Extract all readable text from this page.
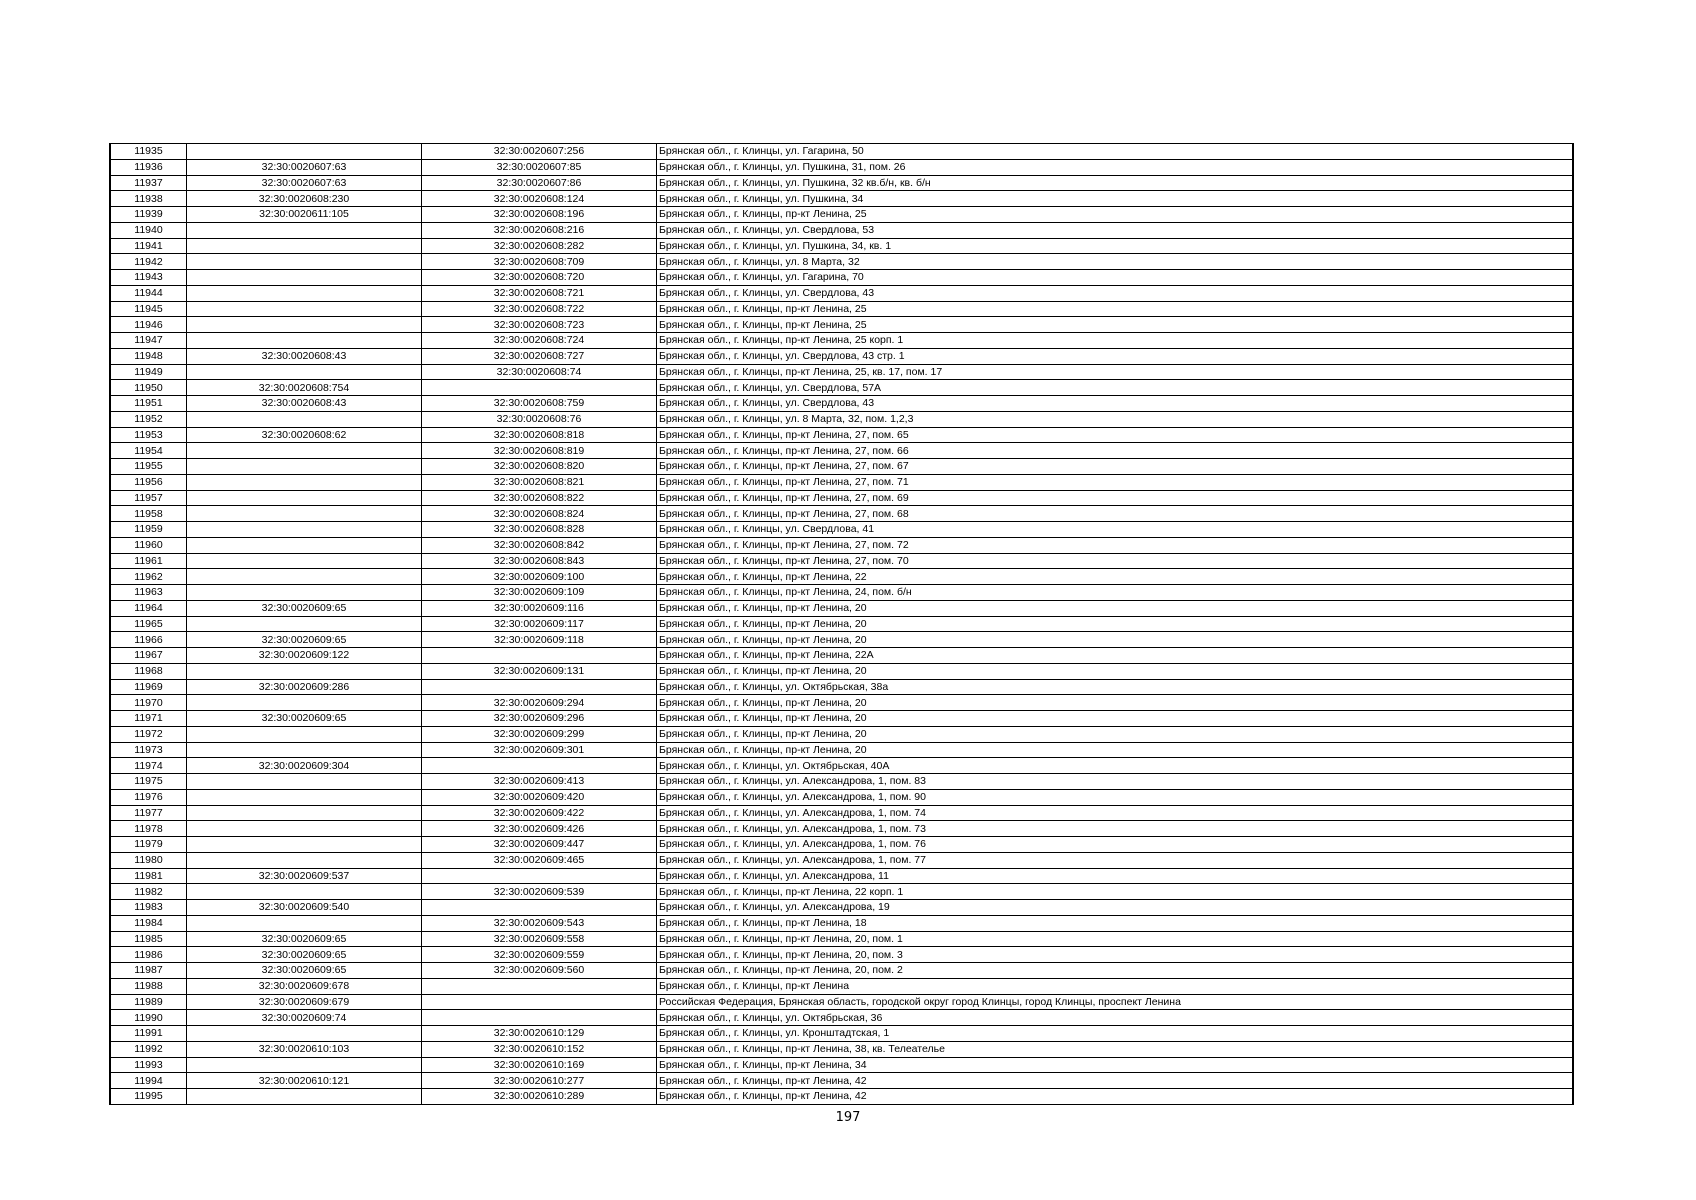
11935		32:30:0020607:256	Брянская обл., г. Клинцы, ул. Гагарина, 50
11936	32:30:0020607:63	32:30:0020607:85	Брянская обл., г. Клинцы, ул. Пушкина, 31, пом. 26
11937	32:30:0020607:63	32:30:0020607:86	Брянская обл., г. Клинцы, ул. Пушкина, 32 кв.б/н, кв. б/н
11938	32:30:0020608:230	32:30:0020608:124	Брянская обл., г. Клинцы, ул. Пушкина, 34
11939	32:30:0020611:105	32:30:0020608:196	Брянская обл., г. Клинцы, пр-кт Ленина, 25
11940		32:30:0020608:216	Брянская обл., г. Клинцы, ул. Свердлова, 53
11941		32:30:0020608:282	Брянская обл., г. Клинцы, ул. Пушкина, 34, кв. 1
11942		32:30:0020608:709	Брянская обл., г. Клинцы, ул. 8 Марта, 32
11943		32:30:0020608:720	Брянская обл., г. Клинцы, ул. Гагарина, 70
11944		32:30:0020608:721	Брянская обл., г. Клинцы, ул. Свердлова, 43
11945		32:30:0020608:722	Брянская обл., г. Клинцы, пр-кт Ленина, 25
11946		32:30:0020608:723	Брянская обл., г. Клинцы, пр-кт Ленина, 25
11947		32:30:0020608:724	Брянская обл., г. Клинцы, пр-кт Ленина, 25 корп. 1
11948	32:30:0020608:43	32:30:0020608:727	Брянская обл., г. Клинцы, ул. Свердлова, 43 стр. 1
11949		32:30:0020608:74	Брянская обл., г. Клинцы, пр-кт Ленина, 25, кв. 17, пом. 17
11950	32:30:0020608:754		Брянская обл., г. Клинцы, ул. Свердлова, 57А
11951	32:30:0020608:43	32:30:0020608:759	Брянская обл., г. Клинцы, ул. Свердлова, 43
11952		32:30:0020608:76	Брянская обл., г. Клинцы, ул. 8 Марта, 32, пом. 1,2,3
11953	32:30:0020608:62	32:30:0020608:818	Брянская обл., г. Клинцы, пр-кт Ленина, 27, пом. 65
11954		32:30:0020608:819	Брянская обл., г. Клинцы, пр-кт Ленина, 27, пом. 66
11955		32:30:0020608:820	Брянская обл., г. Клинцы, пр-кт Ленина, 27, пом. 67
11956		32:30:0020608:821	Брянская обл., г. Клинцы, пр-кт Ленина, 27, пом. 71
11957		32:30:0020608:822	Брянская обл., г. Клинцы, пр-кт Ленина, 27, пом. 69
11958		32:30:0020608:824	Брянская обл., г. Клинцы, пр-кт Ленина, 27, пом. 68
11959		32:30:0020608:828	Брянская обл., г. Клинцы, ул. Свердлова, 41
11960		32:30:0020608:842	Брянская обл., г. Клинцы, пр-кт Ленина, 27, пом. 72
11961		32:30:0020608:843	Брянская обл., г. Клинцы, пр-кт Ленина, 27, пом. 70
11962		32:30:0020609:100	Брянская обл., г. Клинцы, пр-кт Ленина, 22
11963		32:30:0020609:109	Брянская обл., г. Клинцы, пр-кт Ленина, 24, пом. б/н
11964	32:30:0020609:65	32:30:0020609:116	Брянская обл., г. Клинцы, пр-кт Ленина, 20
11965		32:30:0020609:117	Брянская обл., г. Клинцы, пр-кт Ленина, 20
11966	32:30:0020609:65	32:30:0020609:118	Брянская обл., г. Клинцы, пр-кт Ленина, 20
11967	32:30:0020609:122		Брянская обл., г. Клинцы, пр-кт Ленина, 22А
11968		32:30:0020609:131	Брянская обл., г. Клинцы, пр-кт Ленина, 20
11969	32:30:0020609:286		Брянская обл., г. Клинцы, ул. Октябрьская, 38а
11970		32:30:0020609:294	Брянская обл., г. Клинцы, пр-кт Ленина, 20
11971	32:30:0020609:65	32:30:0020609:296	Брянская обл., г. Клинцы, пр-кт Ленина, 20
11972		32:30:0020609:299	Брянская обл., г. Клинцы, пр-кт Ленина, 20
11973		32:30:0020609:301	Брянская обл., г. Клинцы, пр-кт Ленина, 20
11974	32:30:0020609:304		Брянская обл., г. Клинцы, ул. Октябрьская, 40А
11975		32:30:0020609:413	Брянская обл., г. Клинцы, ул. Александрова, 1, пом. 83
11976		32:30:0020609:420	Брянская обл., г. Клинцы, ул. Александрова, 1, пом. 90
11977		32:30:0020609:422	Брянская обл., г. Клинцы, ул. Александрова, 1, пом. 74
11978		32:30:0020609:426	Брянская обл., г. Клинцы, ул. Александрова, 1, пом. 73
11979		32:30:0020609:447	Брянская обл., г. Клинцы, ул. Александрова, 1, пом. 76
11980		32:30:0020609:465	Брянская обл., г. Клинцы, ул. Александрова, 1, пом. 77
11981	32:30:0020609:537		Брянская обл., г. Клинцы, ул. Александрова, 11
11982		32:30:0020609:539	Брянская обл., г. Клинцы, пр-кт Ленина, 22 корп. 1
11983	32:30:0020609:540		Брянская обл., г. Клинцы, ул. Александрова, 19
11984		32:30:0020609:543	Брянская обл., г. Клинцы, пр-кт Ленина, 18
11985	32:30:0020609:65	32:30:0020609:558	Брянская обл., г. Клинцы, пр-кт Ленина, 20, пом. 1
11986	32:30:0020609:65	32:30:0020609:559	Брянская обл., г. Клинцы, пр-кт Ленина, 20, пом. 3
11987	32:30:0020609:65	32:30:0020609:560	Брянская обл., г. Клинцы, пр-кт Ленина, 20, пом. 2
11988	32:30:0020609:678		Брянская обл., г. Клинцы, пр-кт Ленина
11989	32:30:0020609:679		Российская Федерация, Брянская область, городской округ город Клинцы, город Клинцы, проспект Ленина
11990	32:30:0020609:74		Брянская обл., г. Клинцы, ул. Октябрьская, 36
11991		32:30:0020610:129	Брянская обл., г. Клинцы, ул. Кронштадтская, 1
11992	32:30:0020610:103	32:30:0020610:152	Брянская обл., г. Клинцы, пр-кт Ленина, 38, кв. Телеателье
11993		32:30:0020610:169	Брянская обл., г. Клинцы, пр-кт Ленина, 34
11994	32:30:0020610:121	32:30:0020610:277	Брянская обл., г. Клинцы, пр-кт Ленина, 42
11995		32:30:0020610:289	Брянская обл., г. Клинцы, пр-кт Ленина, 42
197
